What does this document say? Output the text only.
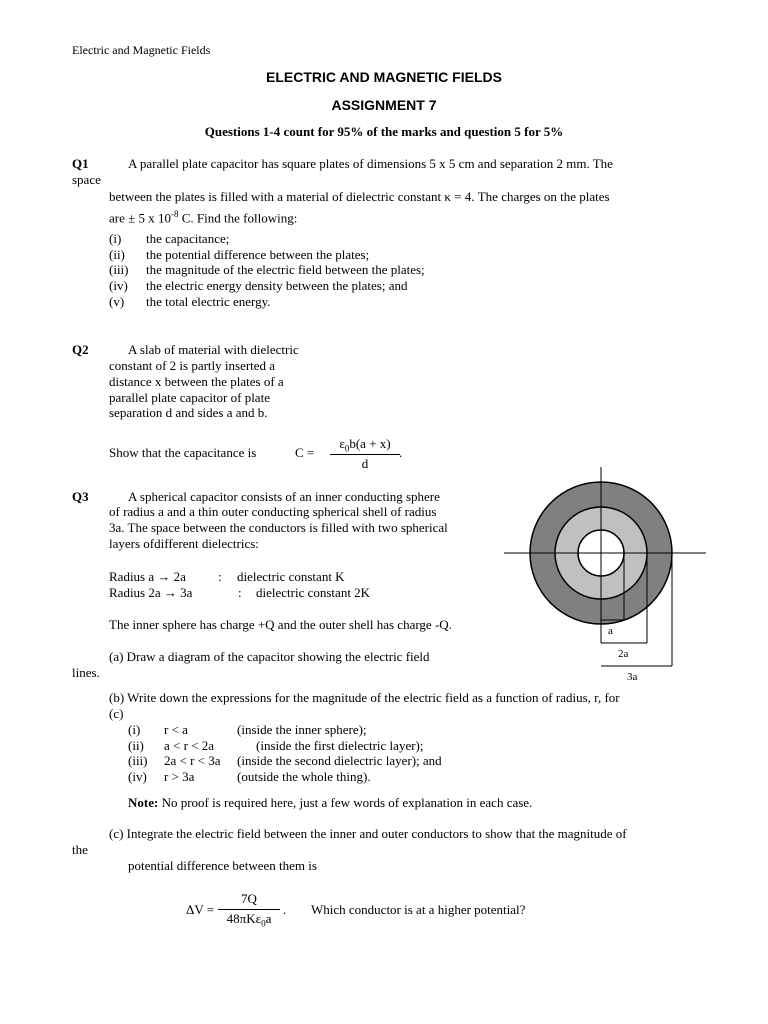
Electric and Magnetic Fields
ELECTRIC AND MAGNETIC FIELDS
ASSIGNMENT 7
Questions 1-4 count for 95% of the marks and question 5 for 5%
Q1	A parallel plate capacitor has square plates of dimensions 5 x 5 cm and separation 2 mm. The
space
between the plates is filled with a material of dielectric constant κ = 4. The charges on the plates
are ± 5 x $10^{-8}$ C. Find the following:
(i) the capacitance;
(ii) the potential difference between the plates;
(iii) the magnitude of the electric field between the plates;
(iv) the electric energy density between the plates; and
(v) the total electric energy.
Q2	A slab of material with dielectric
constant of 2 is partly inserted a
distance x between the plates of a
parallel plate capacitor of plate
separation d and sides a and b.
Show that the capacitance is	C =
$\varepsilon_0b(a + x)$
d
.
Q3	A spherical capacitor consists of an inner conducting sphere
of radius a and a thin outer conducting spherical shell of radius
3a. The space between the conductors is filled with two spherical
layers ofdifferent dielectrics:
Radius a → 2a : dielectric constant K
Radius 2a → 3a	: dielectric constant 2K
The inner sphere has charge +Q and the outer shell has charge -Q.
(a) Draw a diagram of the capacitor showing the electric field
lines.
(b) Write down the expressions for the magnitude of the electric field as a function of radius, r, for
(c)
(i) r < a	(inside the inner sphere);
(ii) a < r < 2a	(inside the first dielectric layer);
(iii) 2a < r < 3a (inside the second dielectric layer); and
(iv) r > 3a	(outside the whole thing).
Note: No proof is required here, just a few words of explanation in each case.
(c) Integrate the electric field between the inner and outer conductors to show that the magnitude of
the
potential difference between them is
ΔV =
7Q
48πKε$_0$a
. Which conductor is at a higher potential?
a
2a
3a
